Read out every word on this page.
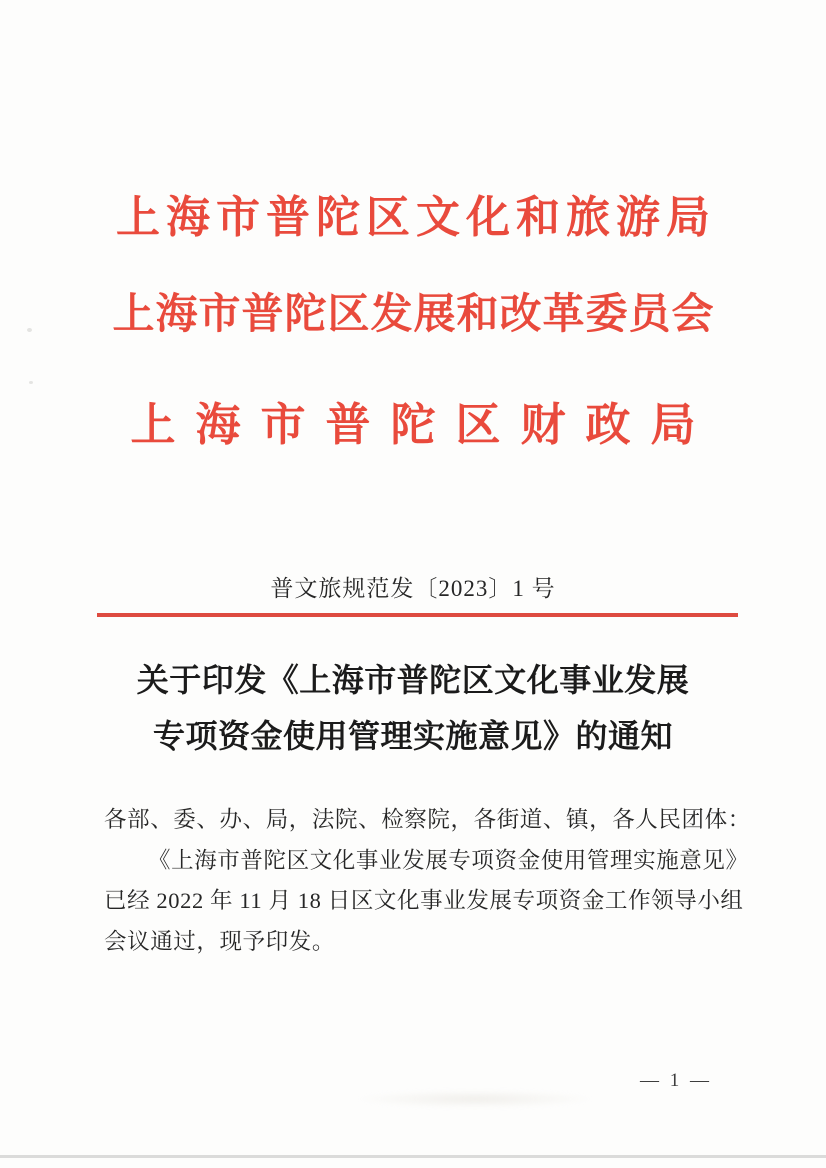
上海市普陀区文化和旅游局
上海市普陀区发展和改革委员会
上海市普陀区财政局
普文旅规范发〔2023〕1 号
关于印发《上海市普陀区文化事业发展
专项资金使用管理实施意见》的通知

各部、委、办、局，法院、检察院，各街道、镇，各人民团体：

《上海市普陀区文化事业发展专项资金使用管理实施意见》

已经 2022 年 11 月 18 日区文化事业发展专项资金工作领导小组

会议通过，现予印发。

— 1 —
